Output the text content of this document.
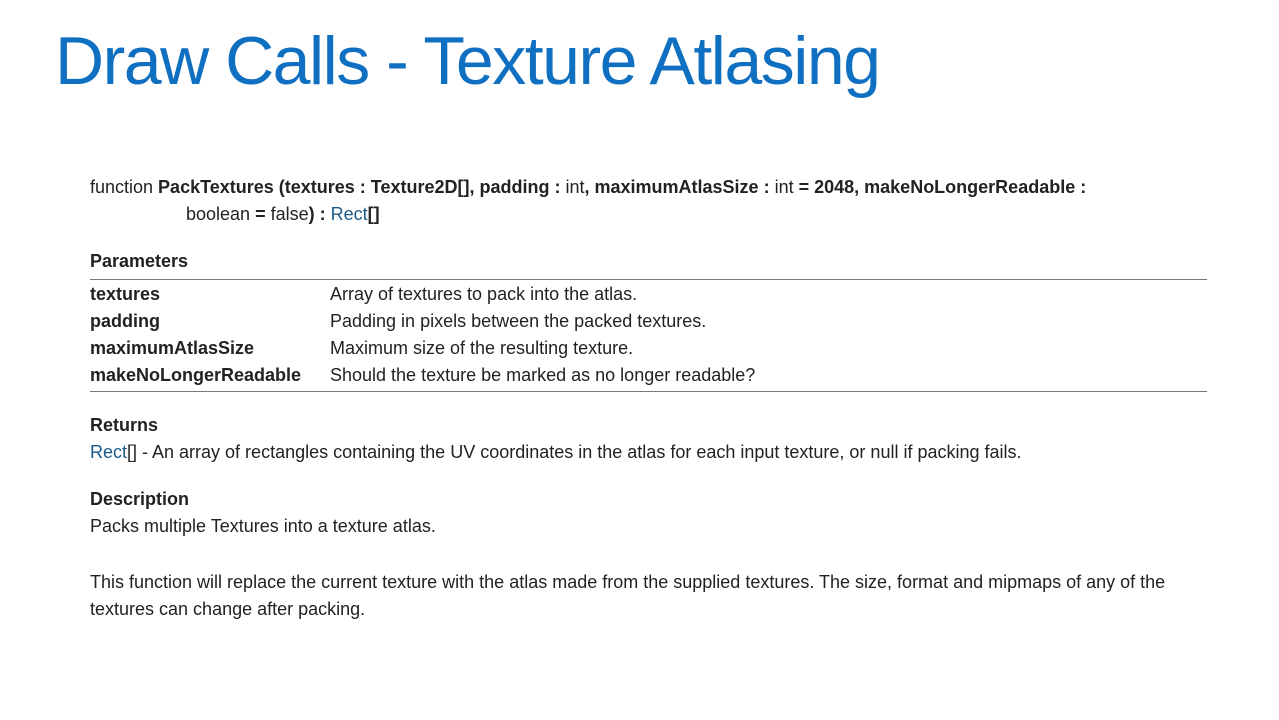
Draw Calls - Texture Atlasing
function PackTextures (textures : Texture2D[], padding : int, maximumAtlasSize : int = 2048, makeNoLongerReadable :
boolean = false) : Rect[]
Parameters
textures	Array of textures to pack into the atlas.
padding	Padding in pixels between the packed textures.
maximumAtlasSize	Maximum size of the resulting texture.
makeNoLongerReadable	Should the texture be marked as no longer readable?
Returns
Rect[] - An array of rectangles containing the UV coordinates in the atlas for each input texture, or null if packing fails.
Description
Packs multiple Textures into a texture atlas.
This function will replace the current texture with the atlas made from the supplied textures. The size, format and mipmaps of any of the textures can change after packing.
